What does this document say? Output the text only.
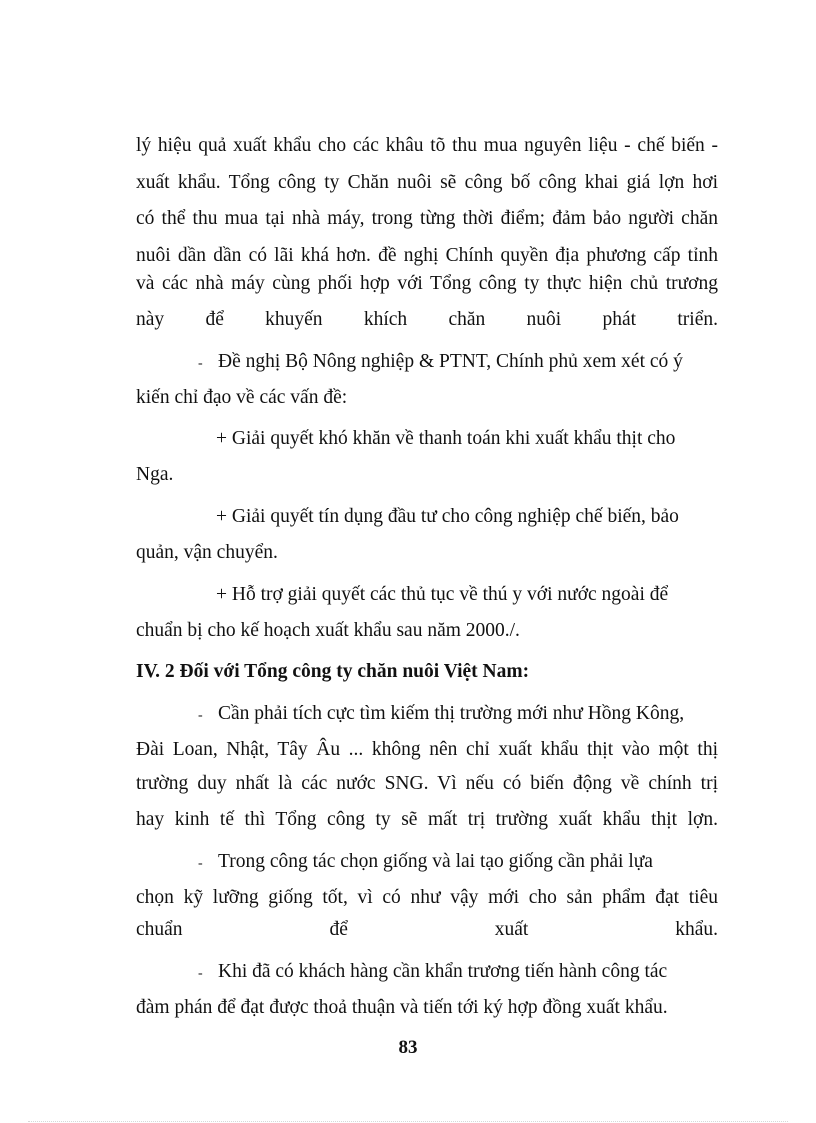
lý hiệu quả xuất khẩu cho các khâu tõ thu mua nguyên liệu - chế biến -
xuất khẩu. Tổng công ty Chăn nuôi sẽ công bố công khai giá lợn hơi
có thể thu mua tại nhà máy, trong từng thời điểm; đảm bảo người chăn
nuôi dần dần có lãi khá hơn. đề nghị Chính quyền địa phương cấp tỉnh
và các nhà máy cùng phối hợp với Tổng công ty thực hiện chủ trương
này để khuyến khích chăn nuôi phát triển.
- Đề nghị Bộ Nông nghiệp & PTNT, Chính phủ xem xét có ý
kiến chỉ đạo về các vấn đề:
+ Giải quyết khó khăn về thanh toán khi xuất khẩu thịt cho
Nga.
+ Giải quyết tín dụng đầu tư cho công nghiệp chế biến, bảo
quản, vận chuyển.
+ Hỗ trợ giải quyết các thủ tục về thú y với nước ngoài để
chuẩn bị cho kế hoạch xuất khẩu sau năm 2000./.
IV. 2 Đối với Tổng công ty chăn nuôi Việt Nam:
- Cần phải tích cực tìm kiếm thị trường mới như Hồng Kông,
Đài Loan, Nhật, Tây Âu ... không nên chỉ xuất khẩu thịt vào một thị
trường duy nhất là các nước SNG. Vì nếu có biến động về chính trị
hay kinh tế thì Tổng công ty sẽ mất trị trường xuất khẩu thịt lợn.
- Trong công tác chọn giống và lai tạo giống cần phải lựa
chọn kỹ lưỡng giống tốt, vì có như vậy mới cho sản phẩm đạt tiêu
chuẩn để xuất khẩu.
- Khi đã có khách hàng cần khẩn trương tiến hành công tác
đàm phán để đạt được thoả thuận và tiến tới ký hợp đồng xuất khẩu.
83
